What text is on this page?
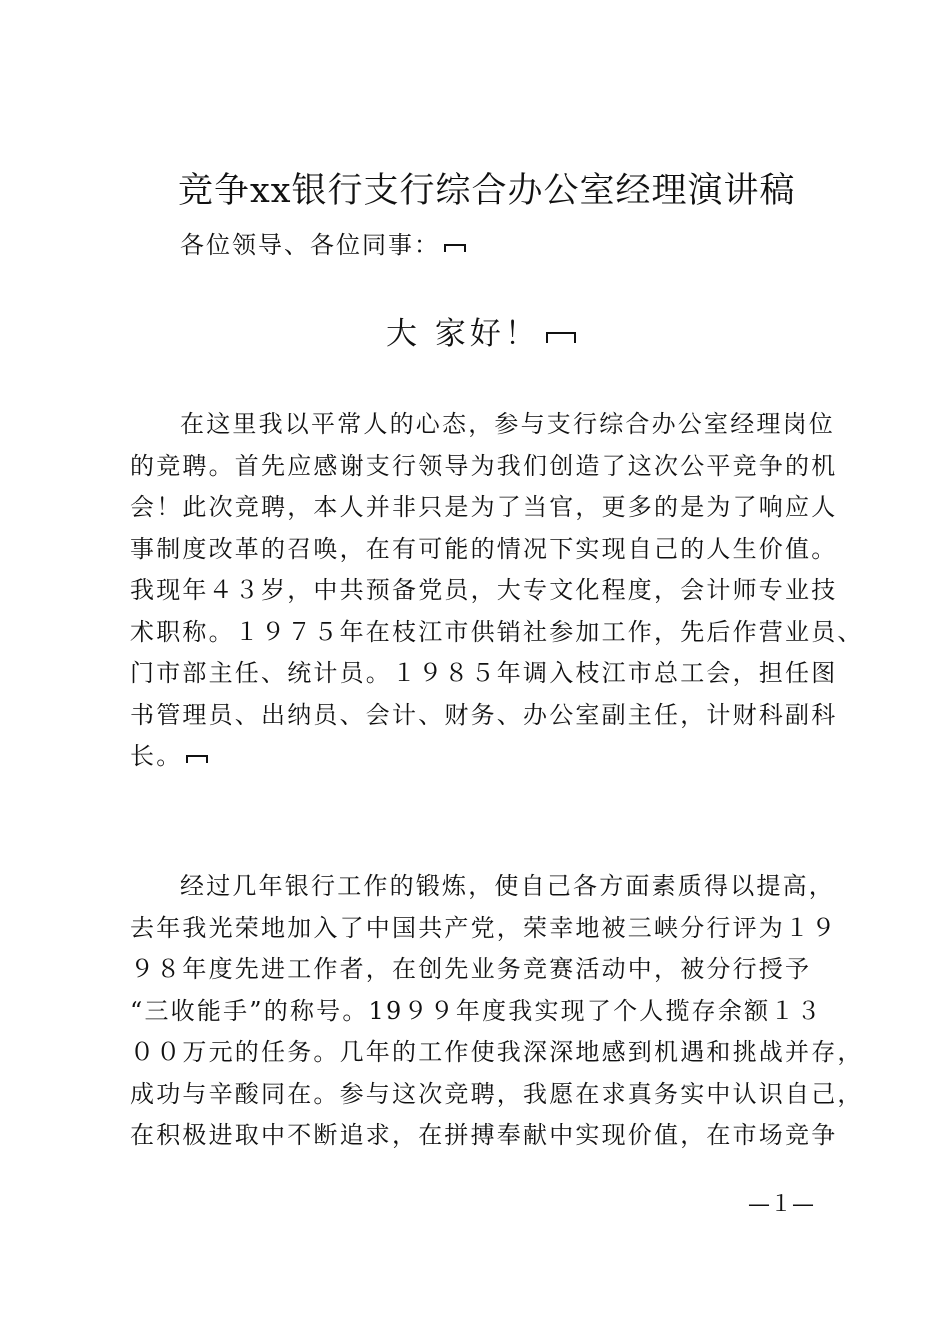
竞争xx银行支行综合办公室经理演讲稿
各位领导、各位同事：
大 家好！
在这里我以平常人的心态，参与支行综合办公室经理岗位
的竞聘。首先应感谢支行领导为我们创造了这次公平竞争的机
会！此次竞聘，本人并非只是为了当官，更多的是为了响应人
事制度改革的召唤，在有可能的情况下实现自己的人生价值。
我现年４３岁，中共预备党员，大专文化程度，会计师专业技
术职称。１９７５年在枝江市供销社参加工作，先后作营业员、
门市部主任、统计员。１９８５年调入枝江市总工会，担任图
书管理员、出纳员、会计、财务、办公室副主任，计财科副科
长。
经过几年银行工作的锻炼，使自己各方面素质得以提高，
去年我光荣地加入了中国共产党，荣幸地被三峡分行评为１９
９８年度先进工作者，在创先业务竞赛活动中，被分行授予
“三收能手”的称号。19９９年度我实现了个人揽存余额１３
００万元的任务。几年的工作使我深深地感到机遇和挑战并存，
成功与辛酸同在。参与这次竞聘，我愿在求真务实中认识自己，
在积极进取中不断追求，在拼搏奉献中实现价值，在市场竞争
—１—
